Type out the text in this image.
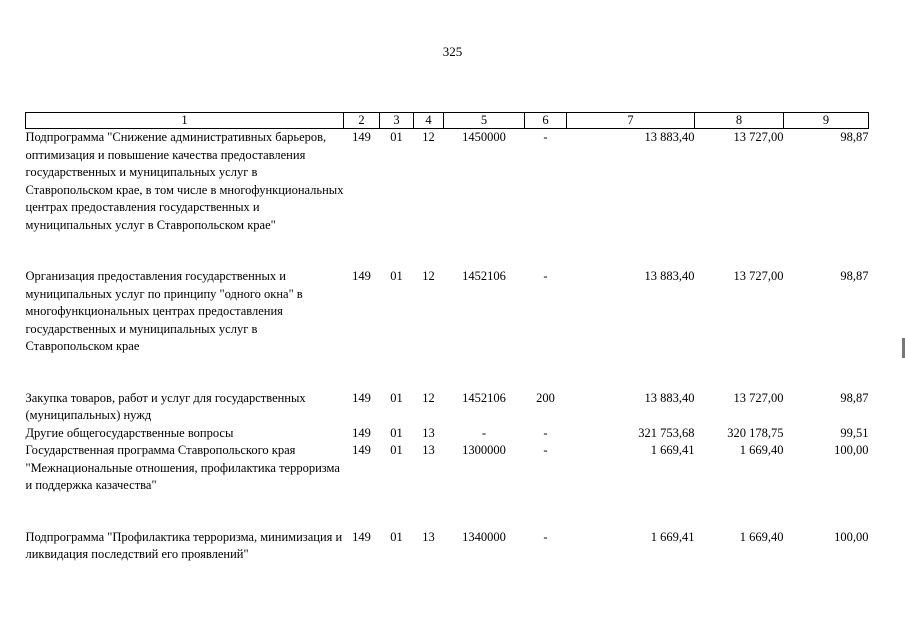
325
1	2	3	4	5	6	7	8	9
Подпрограмма "Снижение административных барьеров, оптимизация и повышение качества предоставления государственных и муниципальных услуг в Ставропольском крае, в том числе в многофункциональных центрах предоставления государственных и муниципальных услуг в Ставропольском крае"	149	01	12	1450000	-	13 883,40	13 727,00	98,87
Организация предоставления государственных и муниципальных услуг по принципу "одного окна" в многофункциональных центрах предоставления государственных и муниципальных услуг в Ставропольском крае	149	01	12	1452106	-	13 883,40	13 727,00	98,87
Закупка товаров, работ и услуг для государственных (муниципальных) нужд	149	01	12	1452106	200	13 883,40	13 727,00	98,87
Другие общегосударственные вопросы	149	01	13	-	-	321 753,68	320 178,75	99,51
Государственная программа Ставропольского края "Межнациональные отношения, профилактика терроризма и поддержка казачества"	149	01	13	1300000	-	1 669,41	1 669,40	100,00
Подпрограмма "Профилактика терроризма, минимизация и ликвидация последствий его проявлений"	149	01	13	1340000	-	1 669,41	1 669,40	100,00
